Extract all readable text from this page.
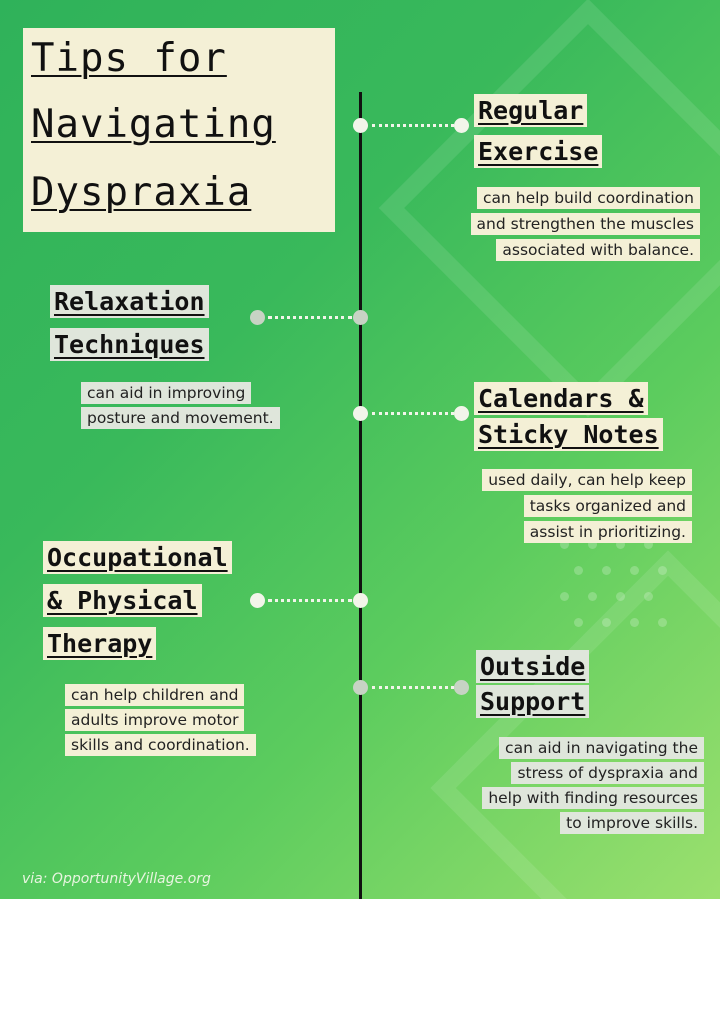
Tips for
Navigating
Dyspraxia
Regular
Exercise
can help build coordination
and strengthen the muscles
associated with balance.
Relaxation
Techniques
can aid in improving
posture and movement.
Calendars &
Sticky Notes
used daily, can help keep
tasks organized and
assist in prioritizing.
Occupational
& Physical
Therapy
can help children and
adults improve motor
skills and coordination.
Outside
Support
can aid in navigating the
stress of dyspraxia and
help with finding resources
to improve skills.
via: OpportunityVillage.org
